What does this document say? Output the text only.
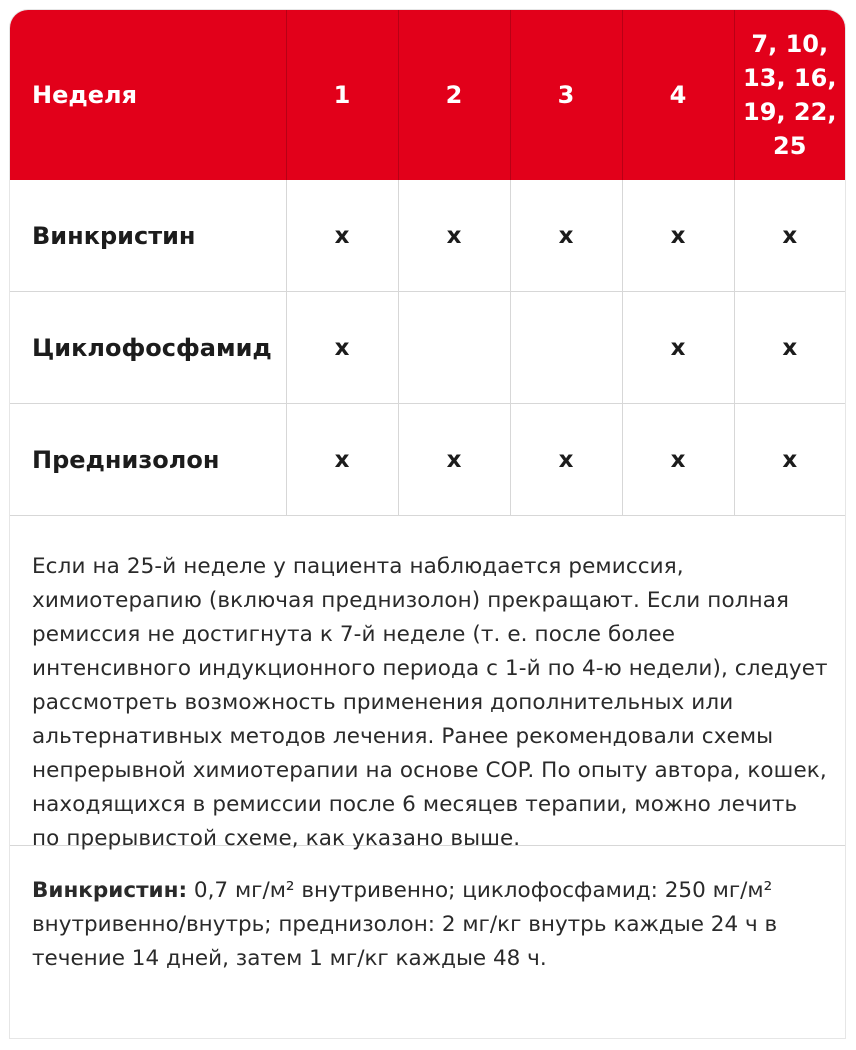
Неделя	1	2	3	4	7, 10,
13, 16,
19, 22,
25

Винкристин	x	x	x	x	x
Циклофосфамид	x			x	x
Преднизолон	x	x	x	x	x
Если на 25-й неделе у пациента наблюдается ремиссия, химиотерапию (включая преднизолон) прекращают. Если полная ремиссия не достигнута к 7-й неделе (т. е. после более интенсивного индукционного периода с 1-й по 4-ю недели), следует рассмотреть возможность применения дополнительных или альтернативных методов лечения. Ранее рекомендовали схемы непрерывной химиотерапии на основе COP. По опыту автора, кошек, находящихся в ремиссии после 6 месяцев терапии, можно лечить по прерывистой схеме, как указано выше.
Винкристин: 0,7 мг/м² внутривенно; циклофосфамид: 250 мг/м² внутривенно/внутрь; преднизолон: 2 мг/кг внутрь каждые 24 ч в течение 14 дней, затем 1 мг/кг каждые 48 ч.
